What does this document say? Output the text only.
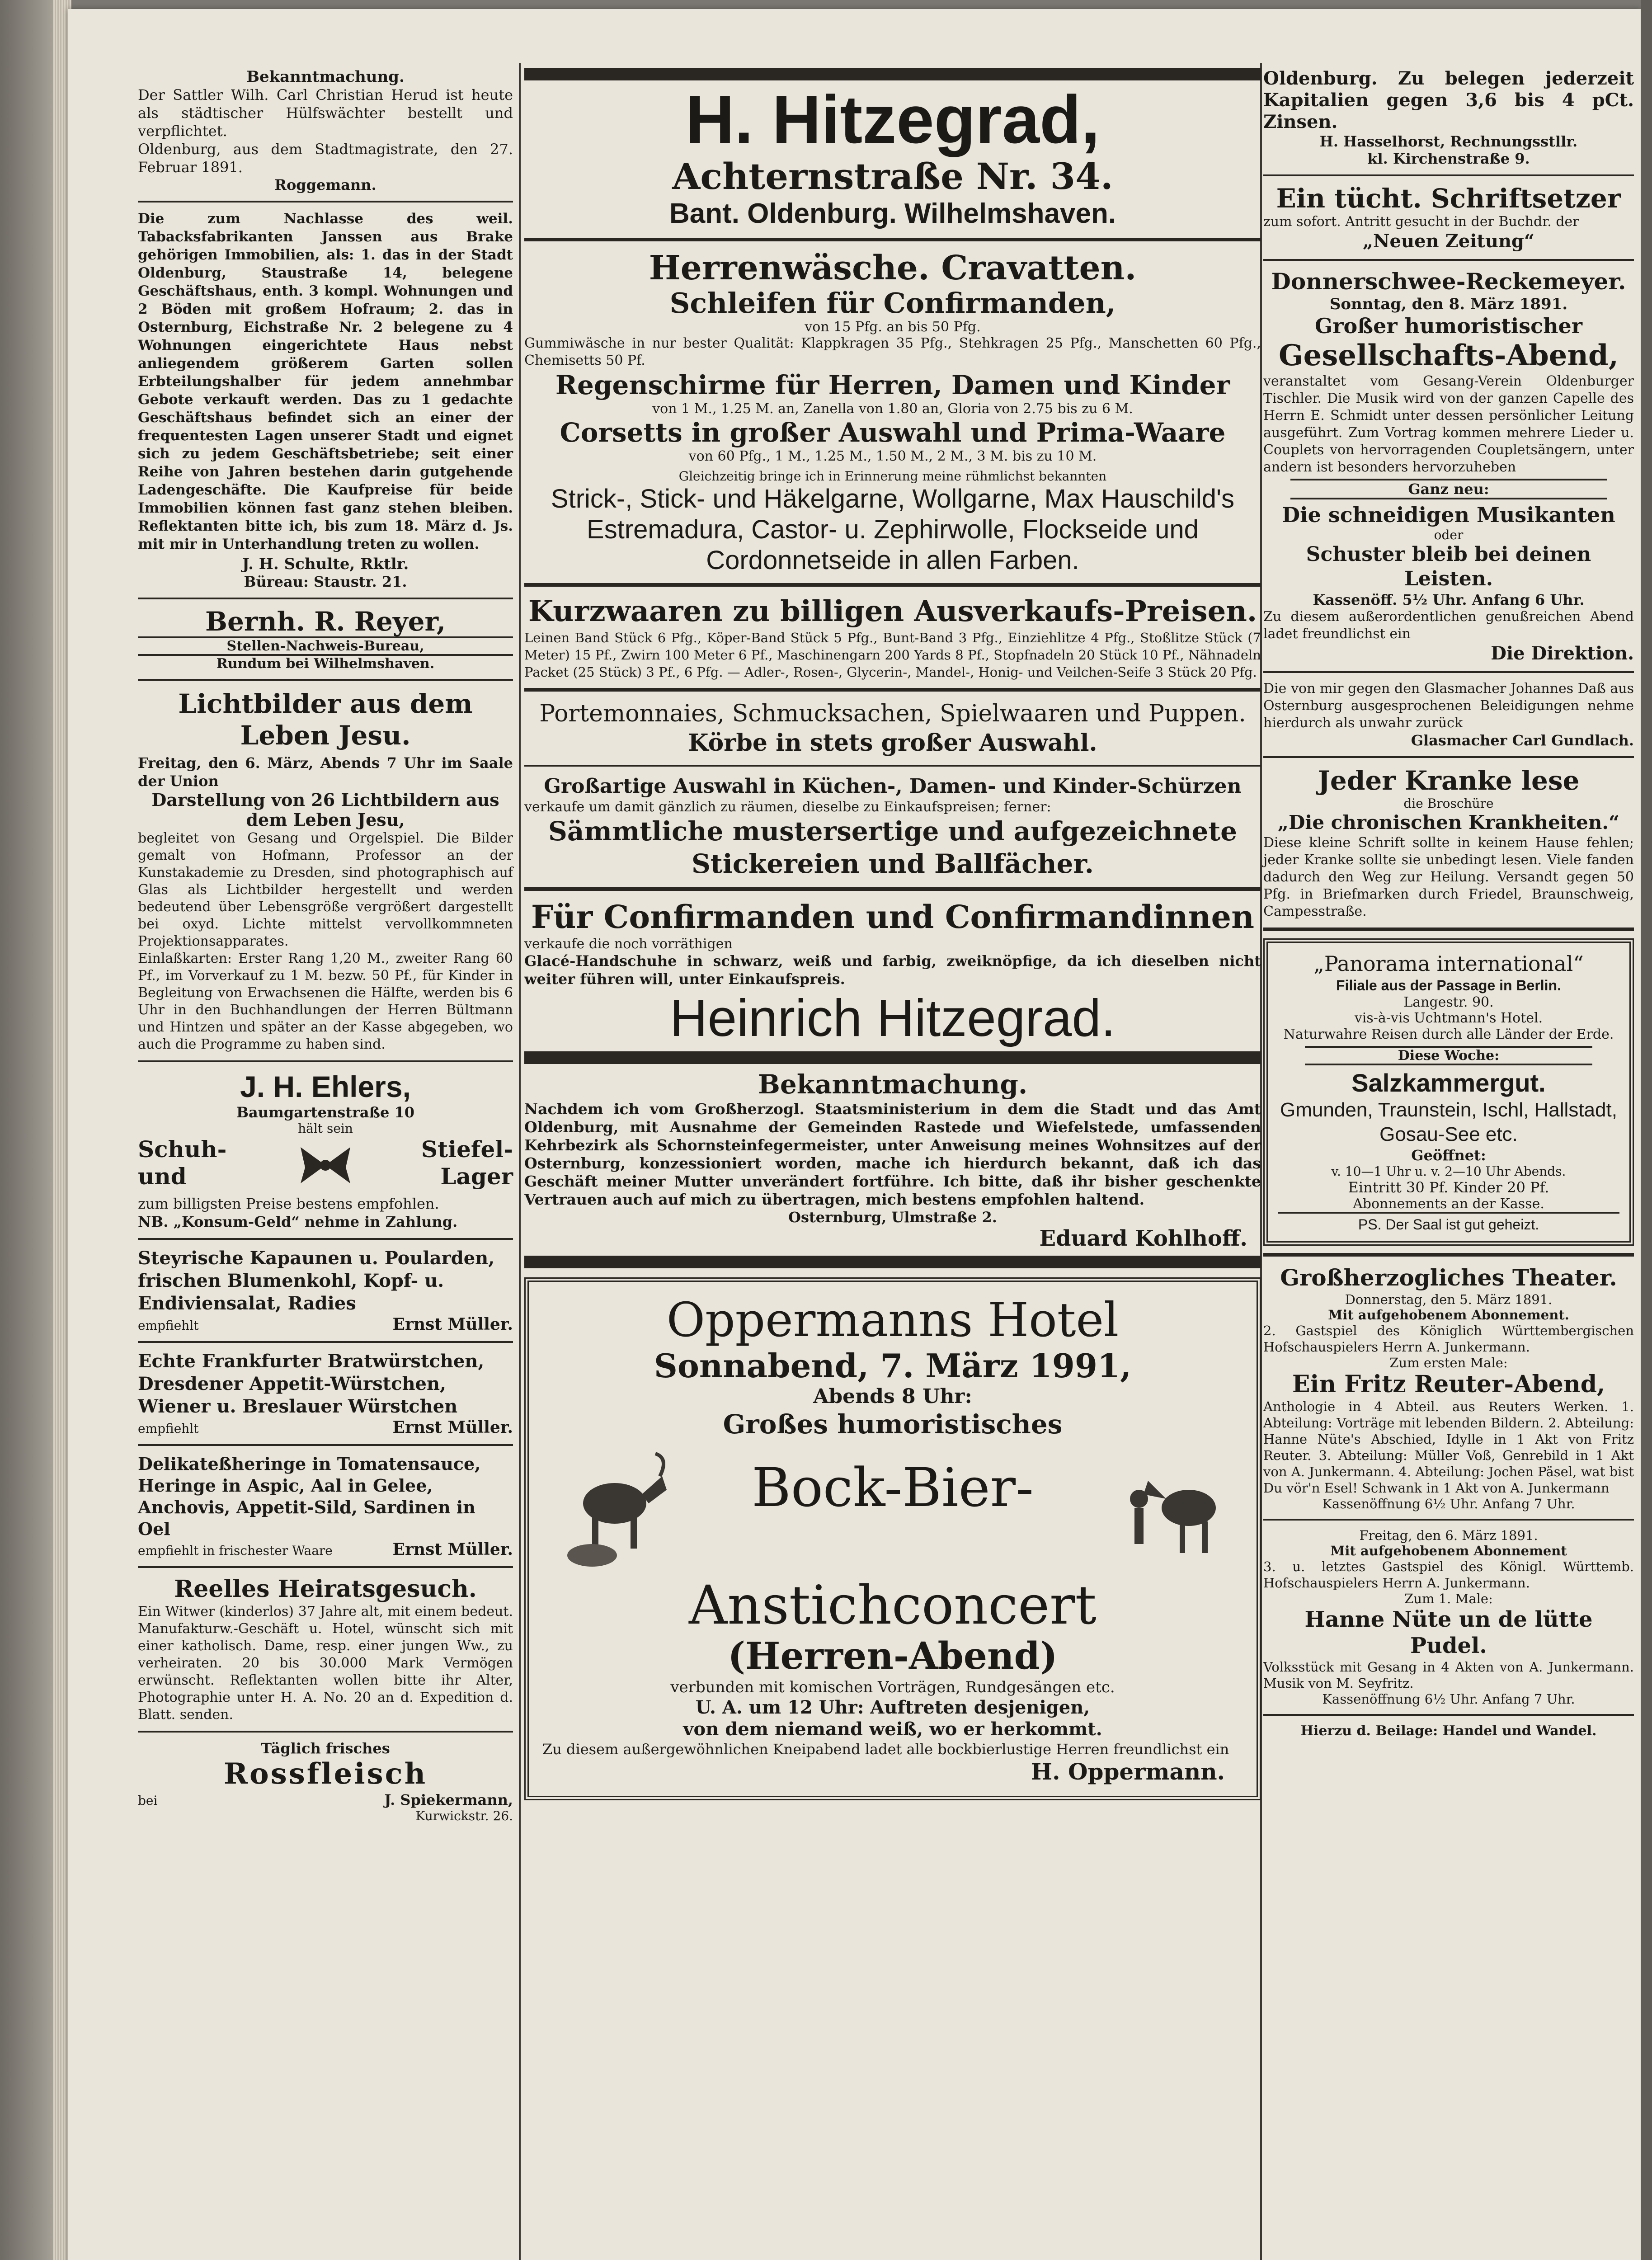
Bekanntmachung.

Der Sattler Wilh. Carl Christian Herud ist heute als städtischer Hülfswächter bestellt und verpflichtet.

Oldenburg, aus dem Stadtmagistrate, den 27. Februar 1891.

Roggemann.

Die zum Nachlasse des weil. Tabacksfabrikanten Janssen aus Brake gehörigen Immobilien, als: 1. das in der Stadt Oldenburg, Staustraße 14, belegene Geschäftshaus, enth. 3 kompl. Wohnungen und 2 Böden mit großem Hofraum; 2. das in Osternburg, Eichstraße Nr. 2 belegene zu 4 Wohnungen eingerichtete Haus nebst anliegendem größerem Garten sollen Erbteilungshalber für jedem annehmbar Gebote verkauft werden. Das zu 1 gedachte Geschäftshaus befindet sich an einer der frequentesten Lagen unserer Stadt und eignet sich zu jedem Geschäftsbetriebe; seit einer Reihe von Jahren bestehen darin gutgehende Ladengeschäfte. Die Kaufpreise für beide Immobilien können fast ganz stehen bleiben. Reflektanten bitte ich, bis zum 18. März d. Js. mit mir in Unterhandlung treten zu wollen.

J. H. Schulte, Rktlr.

Büreau: Staustr. 21.

Bernh. R. Reyer,

Stellen-Nachweis-Bureau,

Rundum bei Wilhelmshaven.

Lichtbilder aus dem Leben Jesu.

Freitag, den 6. März, Abends 7 Uhr im Saale der Union

Darstellung von 26 Lichtbildern aus dem Leben Jesu,

begleitet von Gesang und Orgelspiel. Die Bilder gemalt von Hofmann, Professor an der Kunstakademie zu Dresden, sind photographisch auf Glas als Lichtbilder hergestellt und werden bedeutend über Lebensgröße vergrößert dargestellt bei oxyd. Lichte mittelst vervollkommneten Projektionsapparates.

Einlaßkarten: Erster Rang 1,20 M., zweiter Rang 60 Pf., im Vorverkauf zu 1 M. bezw. 50 Pf., für Kinder in Begleitung von Erwachsenen die Hälfte, werden bis 6 Uhr in den Buchhandlungen der Herren Bültmann und Hintzen und später an der Kasse abgegeben, wo auch die Programme zu haben sind.

J. H. Ehlers,

Baumgartenstraße 10

hält sein

Schuh-

und

Stiefel-

Lager

zum billigsten Preise bestens empfohlen.

NB. „Konsum-Geld“ nehme in Zahlung.

Steyrische Kapaunen u. Poularden, frischen Blumenkohl, Kopf- u. Endiviensalat, Radies

empfiehlt	Ernst Müller.

Echte Frankfurter Bratwürstchen, Dresdener Appetit-Würstchen, Wiener u. Breslauer Würstchen

empfiehlt	Ernst Müller.

Delikateßheringe in Tomatensauce, Heringe in Aspic, Aal in Gelee, Anchovis, Appetit-Sild, Sardinen in Oel

empfiehlt in frischester Waare	Ernst Müller.

Reelles Heiratsgesuch.

Ein Witwer (kinderlos) 37 Jahre alt, mit einem bedeut. Manufakturw.-Geschäft u. Hotel, wünscht sich mit einer katholisch. Dame, resp. einer jungen Ww., zu verheiraten. 20 bis 30.000 Mark Vermögen erwünscht. Reflektanten wollen bitte ihr Alter, Photographie unter H. A. No. 20 an d. Expedition d. Blatt. senden.

Täglich frisches

Rossfleisch

bei	J. Spiekermann,

Kurwickstr. 26.

H. Hitzegrad,

Achternstraße Nr. 34.

Bant. Oldenburg. Wilhelmshaven.

Herrenwäsche. Cravatten.

Schleifen für Confirmanden,

von 15 Pfg. an bis 50 Pfg.

Gummiwäsche in nur bester Qualität: Klappkragen 35 Pfg., Stehkragen 25 Pfg., Manschetten 60 Pfg., Chemisetts 50 Pf.

Regenschirme für Herren, Damen und Kinder

von 1 M., 1.25 M. an, Zanella von 1.80 an, Gloria von 2.75 bis zu 6 M.

Corsetts in großer Auswahl und Prima-Waare

von 60 Pfg., 1 M., 1.25 M., 1.50 M., 2 M., 3 M. bis zu 10 M.

Gleichzeitig bringe ich in Erinnerung meine rühmlichst bekannten

Strick-, Stick- und Häkelgarne, Wollgarne, Max Hauschild's Estremadura, Castor- u. Zephirwolle, Flockseide und Cordonnetseide in allen Farben.

Kurzwaaren zu billigen Ausverkaufs-Preisen.

Leinen Band Stück 6 Pfg., Köper-Band Stück 5 Pfg., Bunt-Band 3 Pfg., Einziehlitze 4 Pfg., Stoßlitze Stück (7 Meter) 15 Pf., Zwirn 100 Meter 6 Pf., Maschinengarn 200 Yards 8 Pf., Stopfnadeln 20 Stück 10 Pf., Nähnadeln Packet (25 Stück) 3 Pf., 6 Pfg. — Adler-, Rosen-, Glycerin-, Mandel-, Honig- und Veilchen-Seife 3 Stück 20 Pfg.

Portemonnaies, Schmucksachen, Spielwaaren und Puppen.

Körbe in stets großer Auswahl.

Großartige Auswahl in Küchen-, Damen- und Kinder-Schürzen

verkaufe um damit gänzlich zu räumen, dieselbe zu Einkaufspreisen; ferner:

Sämmtliche mustersertige und aufgezeichnete Stickereien und Ballfächer.

Für Confirmanden und Confirmandinnen

verkaufe die noch vorräthigen

Glacé-Handschuhe in schwarz, weiß und farbig, zweiknöpfige, da ich dieselben nicht weiter führen will, unter Einkaufspreis.

Heinrich Hitzegrad.

Bekanntmachung.

Nachdem ich vom Großherzogl. Staatsministerium in dem die Stadt und das Amt Oldenburg, mit Ausnahme der Gemeinden Rastede und Wiefelstede, umfassenden Kehrbezirk als Schornsteinfegermeister, unter Anweisung meines Wohnsitzes auf der Osternburg, konzessioniert worden, mache ich hierdurch bekannt, daß ich das Geschäft meiner Mutter unverändert fortführe. Ich bitte, daß ihr bisher geschenkte Vertrauen auch auf mich zu übertragen, mich bestens empfohlen haltend.

Osternburg, Ulmstraße 2.

Eduard Kohlhoff.

Oppermanns Hotel

Sonnabend, 7. März 1991,

Abends 8 Uhr:

Großes humoristisches

Bock-Bier-

Anstichconcert

(Herren-Abend)

verbunden mit komischen Vorträgen, Rundgesängen etc.

U. A. um 12 Uhr: Auftreten desjenigen,

von dem niemand weiß, wo er herkommt.

Zu diesem außergewöhnlichen Kneipabend ladet alle bockbierlustige Herren freundlichst ein

H. Oppermann.

Oldenburg. Zu belegen jederzeit Kapitalien gegen 3,6 bis 4 pCt. Zinsen.

H. Hasselhorst, Rechnungsstllr.

kl. Kirchenstraße 9.

Ein tücht. Schriftsetzer

zum sofort. Antritt gesucht in der Buchdr. der

„Neuen Zeitung“

Donnerschwee-Reckemeyer.

Sonntag, den 8. März 1891.

Großer humoristischer

Gesellschafts-Abend,

veranstaltet vom Gesang-Verein Oldenburger Tischler. Die Musik wird von der ganzen Capelle des Herrn E. Schmidt unter dessen persönlicher Leitung ausgeführt. Zum Vortrag kommen mehrere Lieder u. Couplets von hervorragenden Coupletsängern, unter andern ist besonders hervorzuheben

Ganz neu:

Die schneidigen Musikanten

oder

Schuster bleib bei deinen Leisten.

Kassenöff. 5½ Uhr. Anfang 6 Uhr.

Zu diesem außerordentlichen genußreichen Abend ladet freundlichst ein

Die Direktion.

Die von mir gegen den Glasmacher Johannes Daß aus Osternburg ausgesprochenen Beleidigungen nehme hierdurch als unwahr zurück

Glasmacher Carl Gundlach.

Jeder Kranke lese

die Broschüre

„Die chronischen Krankheiten.“

Diese kleine Schrift sollte in keinem Hause fehlen; jeder Kranke sollte sie unbedingt lesen. Viele fanden dadurch den Weg zur Heilung. Versandt gegen 50 Pfg. in Briefmarken durch Friedel, Braunschweig, Campesstraße.

„Panorama international“

Filiale aus der Passage in Berlin.

Langestr. 90.

vis-à-vis Uchtmann's Hotel.

Naturwahre Reisen durch alle Länder der Erde.

Diese Woche:

Salzkammergut.

Gmunden, Traunstein, Ischl, Hallstadt, Gosau-See etc.

Geöffnet:

v. 10—1 Uhr u. v. 2—10 Uhr Abends.

Eintritt 30 Pf. Kinder 20 Pf.

Abonnements an der Kasse.

PS. Der Saal ist gut geheizt.

Großherzogliches Theater.

Donnerstag, den 5. März 1891.

Mit aufgehobenem Abonnement.

2. Gastspiel des Königlich Württembergischen Hofschauspielers Herrn A. Junkermann.

Zum ersten Male:

Ein Fritz Reuter-Abend,

Anthologie in 4 Abteil. aus Reuters Werken. 1. Abteilung: Vorträge mit lebenden Bildern. 2. Abteilung: Hanne Nüte's Abschied, Idylle in 1 Akt von Fritz Reuter. 3. Abteilung: Müller Voß, Genrebild in 1 Akt von A. Junkermann. 4. Abteilung: Jochen Päsel, wat bist Du vör'n Esel! Schwank in 1 Akt von A. Junkermann

Kassenöffnung 6½ Uhr. Anfang 7 Uhr.

Freitag, den 6. März 1891.

Mit aufgehobenem Abonnement

3. u. letztes Gastspiel des Königl. Württemb. Hofschauspielers Herrn A. Junkermann.

Zum 1. Male:

Hanne Nüte un de lütte Pudel.

Volksstück mit Gesang in 4 Akten von A. Junkermann. Musik von M. Seyfritz.

Kassenöffnung 6½ Uhr. Anfang 7 Uhr.

Hierzu d. Beilage: Handel und Wandel.
